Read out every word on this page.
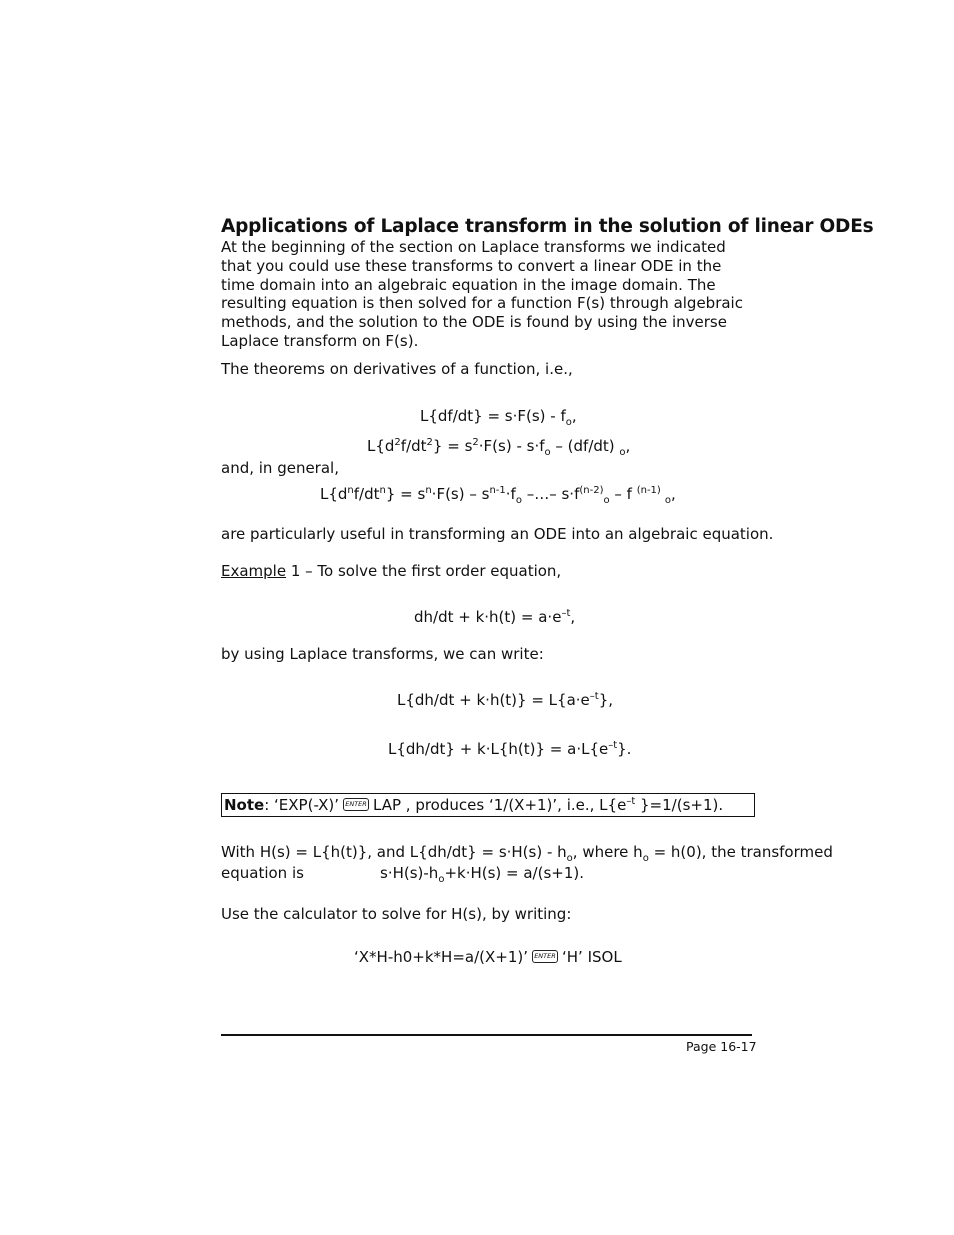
Applications of Laplace transform in the solution of linear ODEs

At the beginning of the section on Laplace transforms we indicated that you could use these transforms to convert a linear ODE in the time domain into an algebraic equation in the image domain. The resulting equation is then solved for a function F(s) through algebraic methods, and the solution to the ODE is found by using the inverse Laplace transform on F(s).

The theorems on derivatives of a function, i.e.,
$L\{df/dt\} = s\cdot F(s) - f_o$,
$L\{d^2f/dt^2\} = s^2\cdot F(s) - s\cdot f_o - (df/dt)$ $_o$,
and, in general,
$L\{d^nf/dt^n\} = s^n\cdot F(s) - s^{n-1}\cdot f_o$ –…– $s\cdot f^{(n-2)}_o - f$ $^{(n-1)}_o$,
are particularly useful in transforming an ODE into an algebraic equation.
Example 1 – To solve the first order equation,
$dh/dt + k\cdot h(t) = a\cdot e^{-t}$,
by using Laplace transforms, we can write:
$L\{dh/dt + k\cdot h(t)\} = L\{a\cdot e^{-t}\}$,
$L\{dh/dt\} + k\cdot L\{h(t)\} = a\cdot L\{e^{-t}\}$.
Note: ‘EXP(-X)’ ENTER LAP , produces ‘1/(X+1)’, i.e., $L\{e^{-t}$ }=1/(s+1).
With H(s) = L{h(t)}, and $L\{dh/dt\} = s\cdot H(s) - h_o$, where $h_o = h(0)$, the transformed
equation is	$s\cdot H(s)-h_o+k\cdot H(s) = a/(s+1)$.
Use the calculator to solve for H(s), by writing:
‘X*H-h0+k*H=a/(X+1)’ ENTER ‘H’ ISOL
Page 16-17
